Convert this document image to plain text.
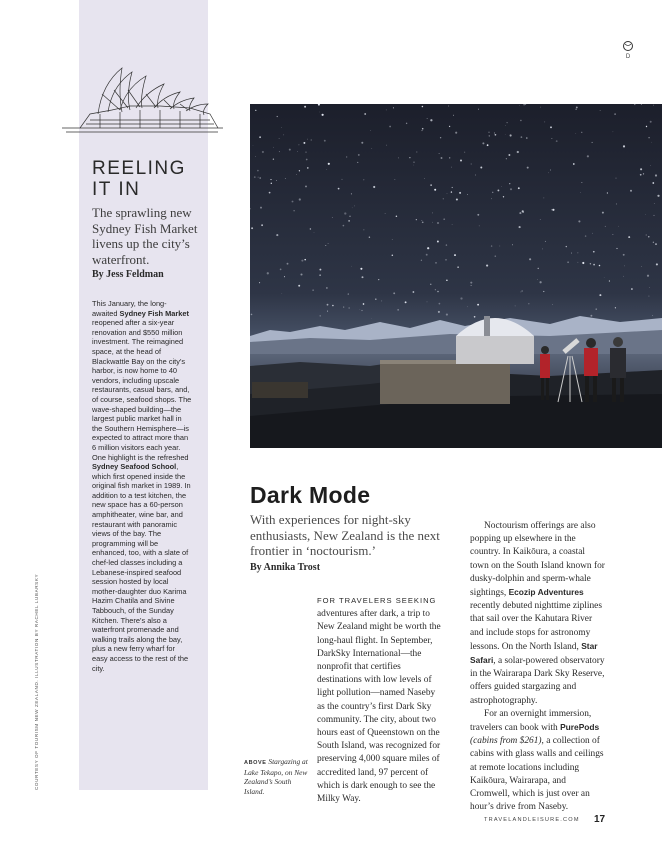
REELING
IT IN

The sprawling new Sydney Fish Market livens up the city’s waterfront.

By Jess Feldman

This January, the long-awaited Sydney Fish Market reopened after a six-year renovation and $550 million investment. The reimagined space, at the head of Blackwattle Bay on the city’s harbor, is now home to 40 vendors, including upscale restaurants, casual bars, and, of course, seafood shops. The wave-shaped building—the largest public market hall in the Southern Hemisphere—is expected to attract more than 6 million visitors each year. One highlight is the refreshed Sydney Seafood School, which first opened inside the original fish market in 1989. In addition to a test kitchen, the new space has a 60-person amphitheater, wine bar, and restaurant with panoramic views of the bay. The programming will be enhanced, too, with a slate of chef-led classes including a Lebanese-inspired seafood session hosted by local mother-daughter duo Karima Hazim Chatila and Sivine Tabbouch, of the Sunday Kitchen. There’s also a waterfront promenade and walking trails along the bay, plus a new ferry wharf for easy access to the rest of the city.

COURTESY OF TOURISM NEW ZEALAND. ILLUSTRATION BY RACHEL LUBARSKY
D
Dark Mode

With experiences for night-sky enthusiasts, New Zealand is the next frontier in ‘noctourism.’

By Annika Trost
ABOVE Stargazing at Lake Tekapo, on New Zealand’s South Island.

FOR TRAVELERS SEEKING adventures after dark, a trip to New Zealand might be worth the long-haul flight. In September, DarkSky International—the nonprofit that certifies destinations with low levels of light pollution—named Naseby as the country’s first Dark Sky community. The city, about two hours east of Queenstown on the South Island, was recognized for preserving 4,000 square miles of accredited land, 97 percent of which is dark enough to see the Milky Way.

Noctourism offerings are also popping up elsewhere in the country. In Kaikōura, a coastal town on the South Island known for dusky-dolphin and sperm-whale sightings, Ecozip Adventures recently debuted nighttime ziplines that sail over the Kahutara River and include stops for astronomy lessons. On the North Island, Star Safari, a solar-powered observatory in the Wairarapa Dark Sky Reserve, offers guided stargazing and astrophotography.

For an overnight immersion, travelers can book with PurePods (cabins from $261), a collection of cabins with glass walls and ceilings at remote locations including Kaikōura, Wairarapa, and Cromwell, which is just over an hour’s drive from Naseby.

TRAVELANDLEISURE.COM 17
